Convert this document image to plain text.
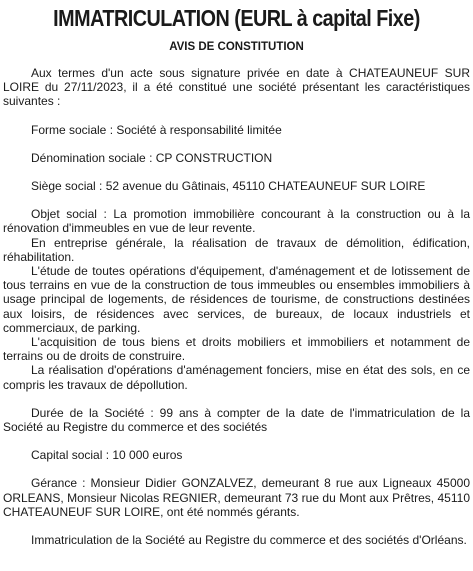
IMMATRICULATION (EURL à capital Fixe)
AVIS DE CONSTITUTION

Aux termes d'un acte sous signature privée en date à CHATEAUNEUF SUR LOIRE du 27/11/2023, il a été constitué une société présentant les caractéristiques suivantes :

Forme sociale : Société à responsabilité limitée

Dénomination sociale : CP CONSTRUCTION

Siège social : 52 avenue du Gâtinais, 45110 CHATEAUNEUF SUR LOIRE

Objet social : La promotion immobilière concourant à la construction ou à la rénovation d'immeubles en vue de leur revente.

En entreprise générale, la réalisation de travaux de démolition, édification, réhabilitation.

L'étude de toutes opérations d'équipement, d'aménagement et de lotissement de tous terrains en vue de la construction de tous immeubles ou ensembles immobiliers à usage principal de logements, de résidences de tourisme, de constructions destinées aux loisirs, de résidences avec services, de bureaux, de locaux industriels et commerciaux, de parking.

L'acquisition de tous biens et droits mobiliers et immobiliers et notamment de terrains ou de droits de construire.

La réalisation d'opérations d'aménagement fonciers, mise en état des sols, en ce compris les travaux de dépollution.

Durée de la Société : 99 ans à compter de la date de l'immatriculation de la Société au Registre du commerce et des sociétés

Capital social : 10 000 euros

Gérance : Monsieur Didier GONZALVEZ, demeurant 8 rue aux Ligneaux 45000 ORLEANS, Monsieur Nicolas REGNIER, demeurant 73 rue du Mont aux Prêtres, 45110 CHATEAUNEUF SUR LOIRE, ont été nommés gérants.

Immatriculation de la Société au Registre du commerce et des sociétés d'Orléans.
